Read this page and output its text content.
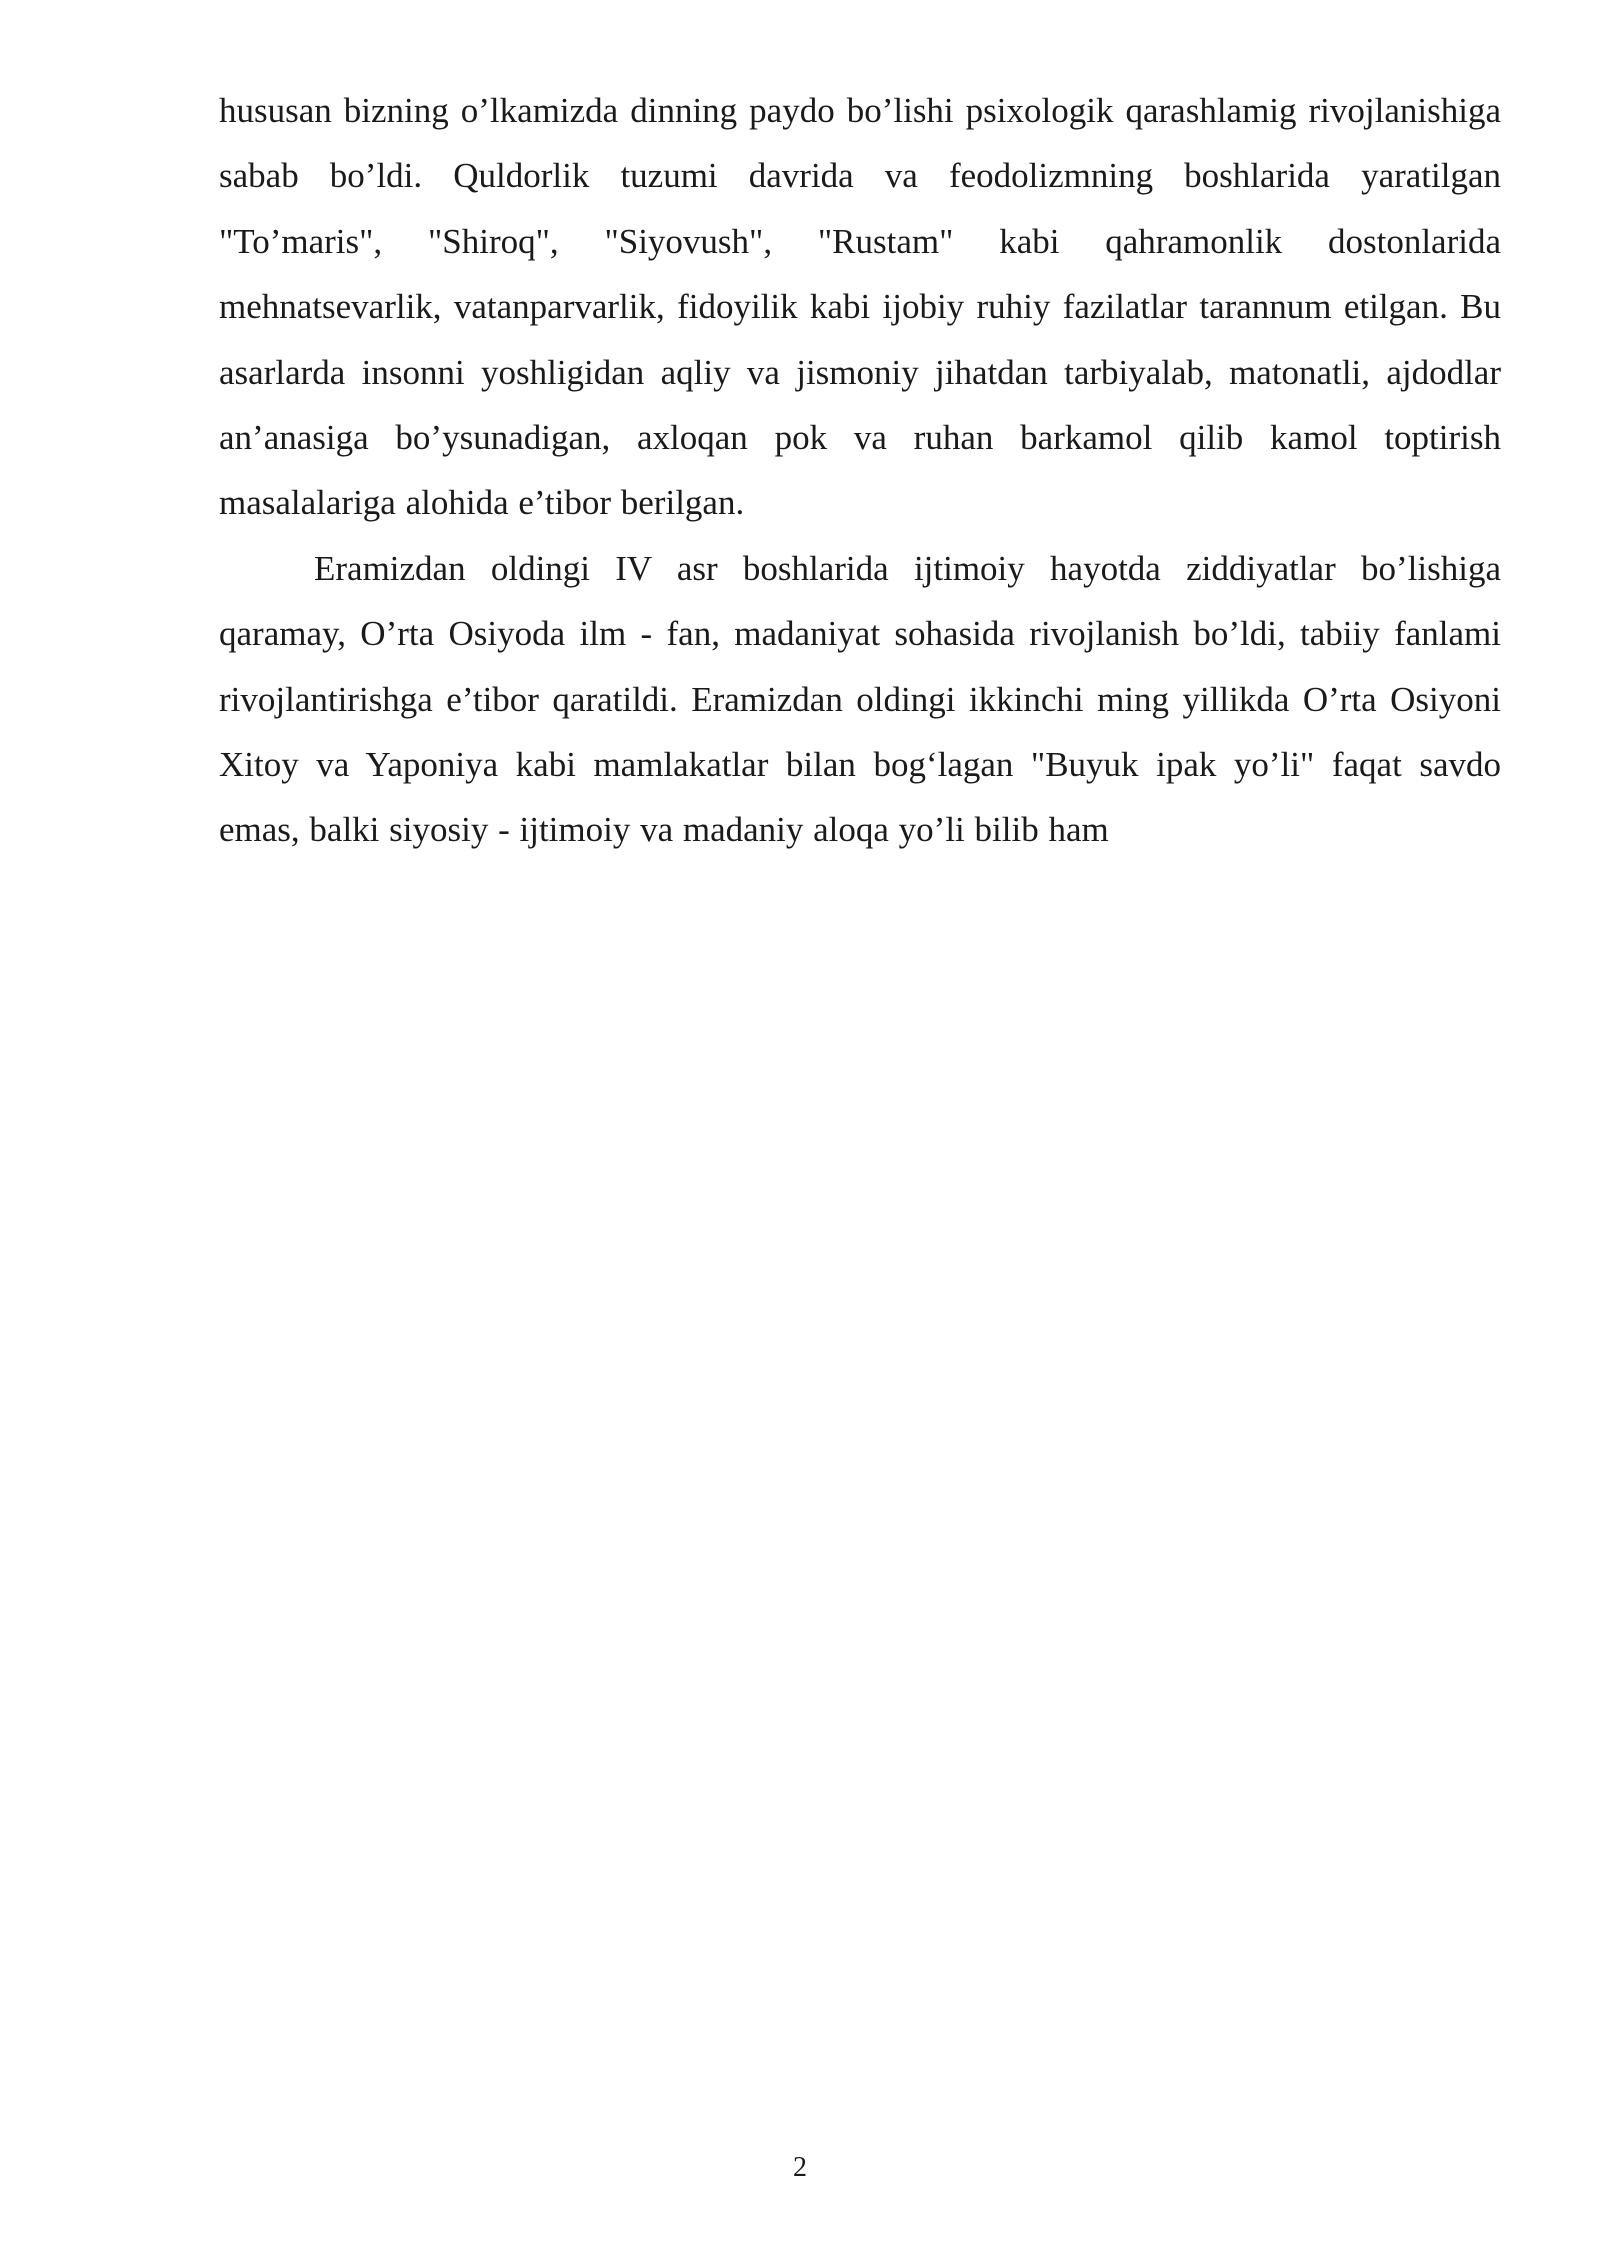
hususan bizning o’lkamizda dinning paydo bo’lishi psixologik qarashlamig rivojlanishiga sabab bo’ldi. Quldorlik tuzumi davrida va feodolizmning boshlarida yaratilgan "To’maris", "Shiroq", "Siyovush", "Rustam" kabi qahramonlik dostonlarida mehnatsevarlik, vatanparvarlik, fidoyilik kabi ijobiy ruhiy fazilatlar tarannum etilgan. Bu asarlarda insonni yoshligidan aqliy va jismoniy jihatdan tarbiyalab, matonatli, ajdodlar an’anasiga bo’ysunadigan, axloqan pok va ruhan barkamol qilib kamol toptirish masalalariga alohida e’tibor berilgan.

Eramizdan oldingi IV asr boshlarida ijtimoiy hayotda ziddiyatlar bo’lishiga qaramay, O’rta Osiyoda ilm - fan, madaniyat sohasida rivojlanish bo’ldi, tabiiy fanlami rivojlantirishga e’tibor qaratildi. Eramizdan oldingi ikkinchi ming yillikda O’rta Osiyoni Xitoy va Yaponiya kabi mamlakatlar bilan bog‘lagan "Buyuk ipak yo’li" faqat savdo emas, balki siyosiy - ijtimoiy va madaniy aloqa yo’li bilib ham

2
